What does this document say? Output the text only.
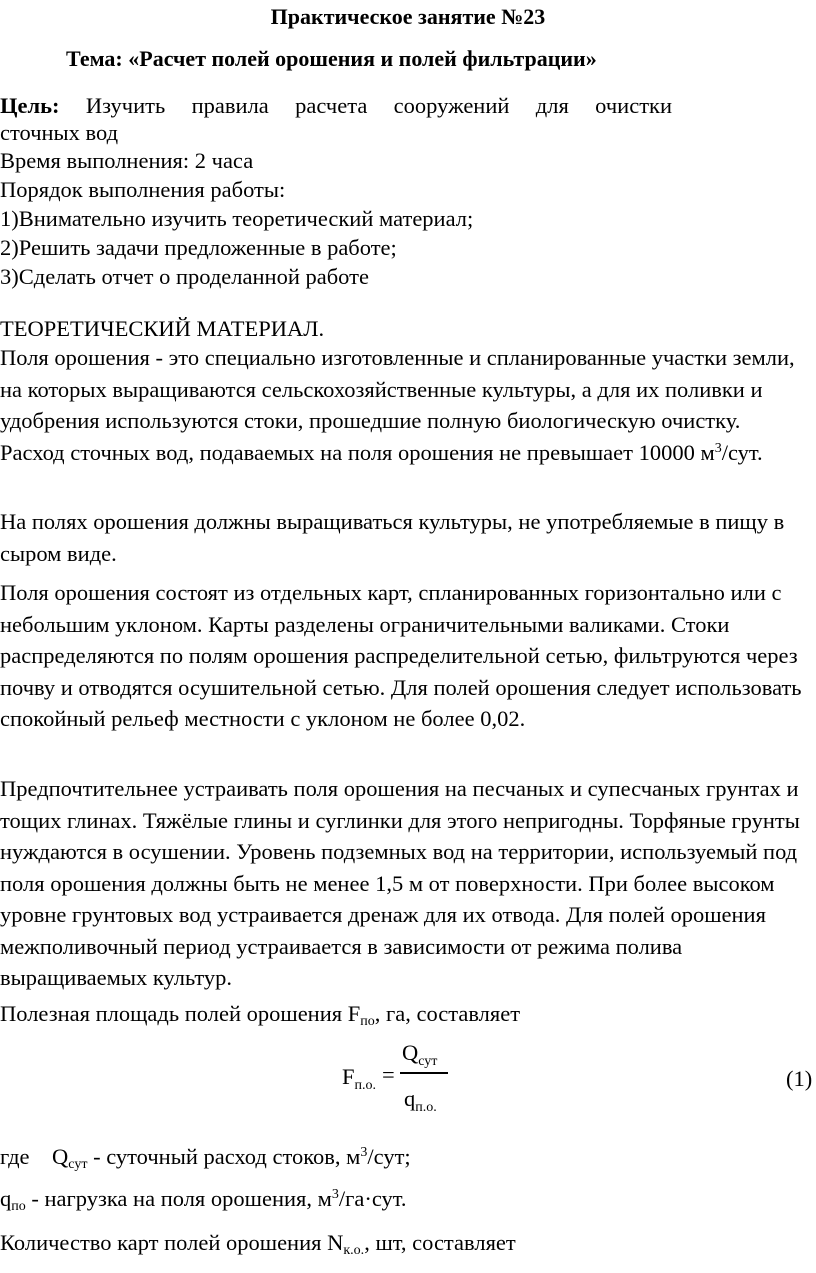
Практическое занятие №23
Тема: «Расчет полей орошения и полей фильтрации»
Цель: Изучить правила расчета сооружений для очистки
сточных вод
Время выполнения: 2 часа
Порядок выполнения работы:
1)Внимательно изучить теоретический материал;
2)Решить задачи предложенные в работе;
3)Сделать отчет о проделанной работе
ТЕОРЕТИЧЕСКИЙ МАТЕРИАЛ.

Поля орошения - это специально изготовленные и спланированные участки земли, на которых выращиваются сельскохозяйственные культуры, а для их поливки и удобрения используются стоки, прошедшие полную биологическую очистку. Расход сточных вод, подаваемых на поля орошения не превышает 10000 $м^3$/сут.

На полях орошения должны выращиваться культуры, не употребляемые в пищу в сыром виде.

Поля орошения состоят из отдельных карт, спланированных горизонтально или с небольшим уклоном. Карты разделены ограничительными валиками. Стоки распределяются по полям орошения распределительной сетью, фильтруются через почву и отводятся осушительной сетью. Для полей орошения следует использовать спокойный рельеф местности с уклоном не более 0,02.

Предпочтительнее устраивать поля орошения на песчаных и супесчаных грунтах и тощих глинах. Тяжёлые глины и суглинки для этого непригодны. Торфяные грунты нуждаются в осушении. Уровень подземных вод на территории, используемый под поля орошения должны быть не менее 1,5 м от поверхности. При более высоком уровне грунтовых вод устраивается дренаж для их отвода. Для полей орошения межполивочный период устраивается в зависимости от режима полива выращиваемых культур.

Полезная площадь полей орошения $F_{по}$, га, составляет

$F_{п.о.}$ =
$Q_{сут}$
$q_{п.о.}$
(1)
где    $Q_{сут}$ - суточный расход стоков, $м^3$/сут;
$q_{по}$ - нагрузка на поля орошения, $м^3/га\cdot сут$.
Количество карт полей орошения $N_{к.о.}$, шт, составляет
